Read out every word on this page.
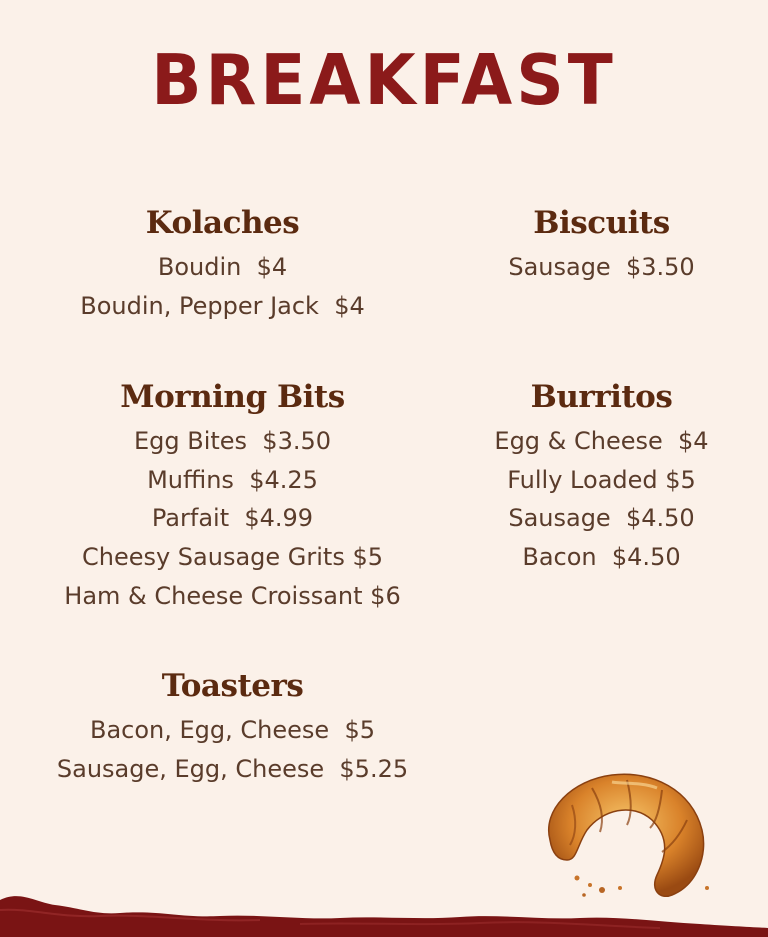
BREAKFAST
Kolaches
Boudin  $4
Boudin, Pepper Jack  $4
Biscuits
Sausage  $3.50
Morning Bits
Egg Bites  $3.50
Muffins  $4.25
Parfait  $4.99
Cheesy Sausage Grits $5
Ham & Cheese Croissant $6
Burritos
Egg & Cheese  $4
Fully Loaded $5
Sausage  $4.50
Bacon  $4.50
Toasters
Bacon, Egg, Cheese  $5
Sausage, Egg, Cheese  $5.25
